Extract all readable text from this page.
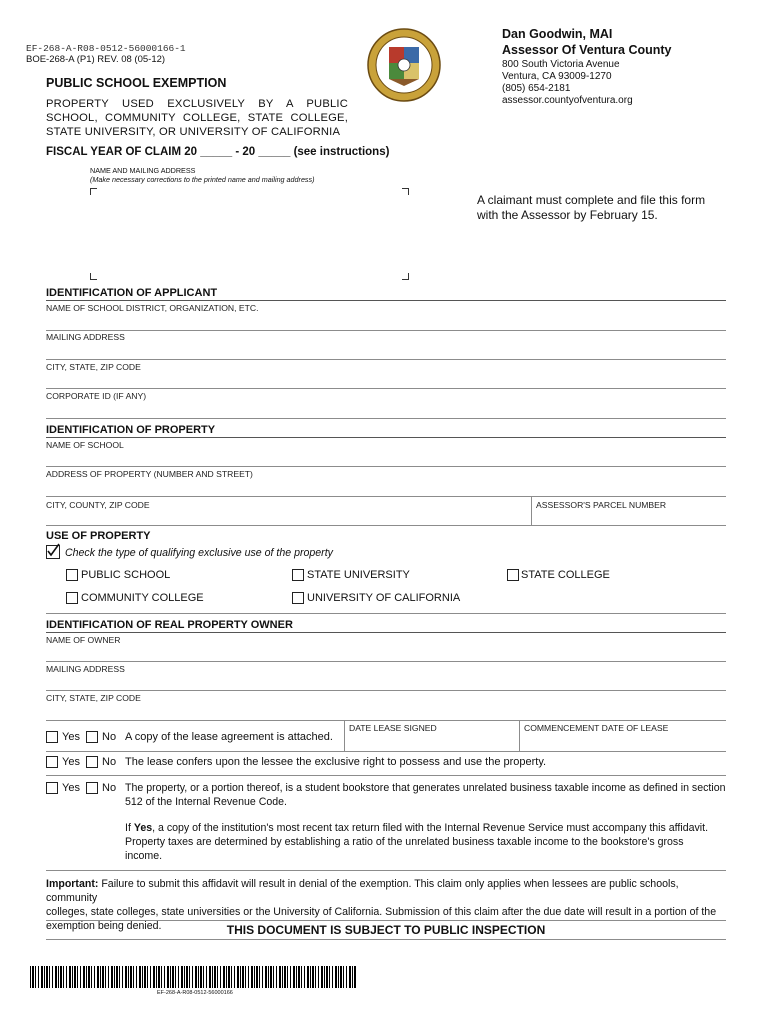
EF-268-A-R08-0512-56000166-1
BOE-268-A (P1) REV. 08 (05-12)
PUBLIC SCHOOL EXEMPTION
PROPERTY USED EXCLUSIVELY BY A PUBLIC
SCHOOL, COMMUNITY COLLEGE, STATE COLLEGE,
STATE UNIVERSITY, OR UNIVERSITY OF CALIFORNIA
FISCAL YEAR OF CLAIM 20 _____ - 20 _____ (see instructions)
Dan Goodwin, MAI
Assessor Of Ventura County
800 South Victoria Avenue
Ventura, CA 93009-1270
(805) 654-2181
assessor.countyofventura.org
NAME AND MAILING ADDRESS
(Make necessary corrections to the printed name and mailing address)
A claimant must complete and file this form with the Assessor by February 15.
IDENTIFICATION OF APPLICANT
NAME OF SCHOOL DISTRICT, ORGANIZATION, ETC.
MAILING ADDRESS
CITY, STATE, ZIP CODE
CORPORATE ID (IF ANY)
IDENTIFICATION OF PROPERTY
NAME OF SCHOOL
ADDRESS OF PROPERTY (NUMBER AND STREET)
CITY, COUNTY, ZIP CODE	ASSESSOR'S PARCEL NUMBER
USE OF PROPERTY
Check the type of qualifying exclusive use of the property
PUBLIC SCHOOL	STATE UNIVERSITY	STATE COLLEGE
COMMUNITY COLLEGE	UNIVERSITY OF CALIFORNIA
IDENTIFICATION OF REAL PROPERTY OWNER
NAME OF OWNER
MAILING ADDRESS
CITY, STATE, ZIP CODE
DATE LEASE SIGNED	COMMENCEMENT DATE OF LEASE
Yes No A copy of the lease agreement is attached.
Yes No The lease confers upon the lessee the exclusive right to possess and use the property.
Yes No The property, or a portion thereof, is a student bookstore that generates unrelated business taxable income as defined in section
512 of the Internal Revenue Code.
If Yes, a copy of the institution's most recent tax return filed with the Internal Revenue Service must accompany this affidavit.
Property taxes are determined by establishing a ratio of the unrelated business taxable income to the bookstore's gross
income.
Important: Failure to submit this affidavit will result in denial of the exemption. This claim only applies when lessees are public schools, community
colleges, state colleges, state universities or the University of California. Submission of this claim after the due date will result in a portion of the
exemption being denied.	THIS DOCUMENT IS SUBJECT TO PUBLIC INSPECTION
EF-268-A-R08-0512-56000166
